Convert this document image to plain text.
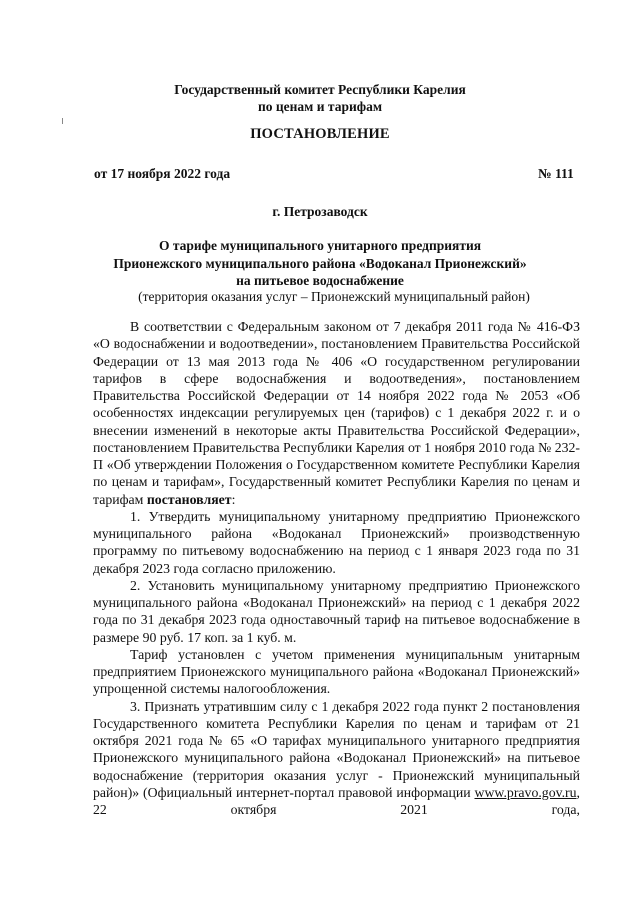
Государственный комитет Республики Карелия
по ценам и тарифам
ПОСТАНОВЛЕНИЕ
от 17 ноября 2022 года	№ 111
г. Петрозаводск
О тарифе муниципального унитарного предприятия
Прионежского муниципального района «Водоканал Прионежский»
на питьевое водоснабжение
(территория оказания услуг – Прионежский муниципальный район)

В соответствии с Федеральным законом от 7 декабря 2011 года № 416-ФЗ «О водоснабжении и водоотведении», постановлением Правительства Российской Федерации от 13 мая 2013 года № 406 «О государственном регулировании тарифов в сфере водоснабжения и водоотведения», постановлением Правительства Российской Федерации от 14 ноября 2022 года № 2053 «Об особенностях индексации регулируемых цен (тарифов) с 1 декабря 2022 г. и о внесении изменений в некоторые акты Правительства Российской Федерации», постановлением Правительства Республики Карелия от 1 ноября 2010 года № 232-П «Об утверждении Положения о Государственном комитете Республики Карелия по ценам и тарифам», Государственный комитет Республики Карелия по ценам и тарифам постановляет:

1. Утвердить муниципальному унитарному предприятию Прионежского муниципального района «Водоканал Прионежский» производственную программу по питьевому водоснабжению на период с 1 января 2023 года по 31 декабря 2023 года согласно приложению.

2. Установить муниципальному унитарному предприятию Прионежского муниципального района «Водоканал Прионежский» на период с 1 декабря 2022 года по 31 декабря 2023 года одноставочный тариф на питьевое водоснабжение в размере 90 руб. 17 коп. за 1 куб. м.

Тариф установлен с учетом применения муниципальным унитарным предприятием Прионежского муниципального района «Водоканал Прионежский» упрощенной системы налогообложения.

3. Признать утратившим силу с 1 декабря 2022 года пункт 2 постановления Государственного комитета Республики Карелия по ценам и тарифам от 21 октября 2021 года № 65 «О тарифах муниципального унитарного предприятия Прионежского муниципального района «Водоканал Прионежский» на питьевое водоснабжение (территория оказания услуг - Прионежский муниципальный район)» (Официальный интернет-портал правовой информации www.pravo.gov.ru, 22 октября 2021 года,
